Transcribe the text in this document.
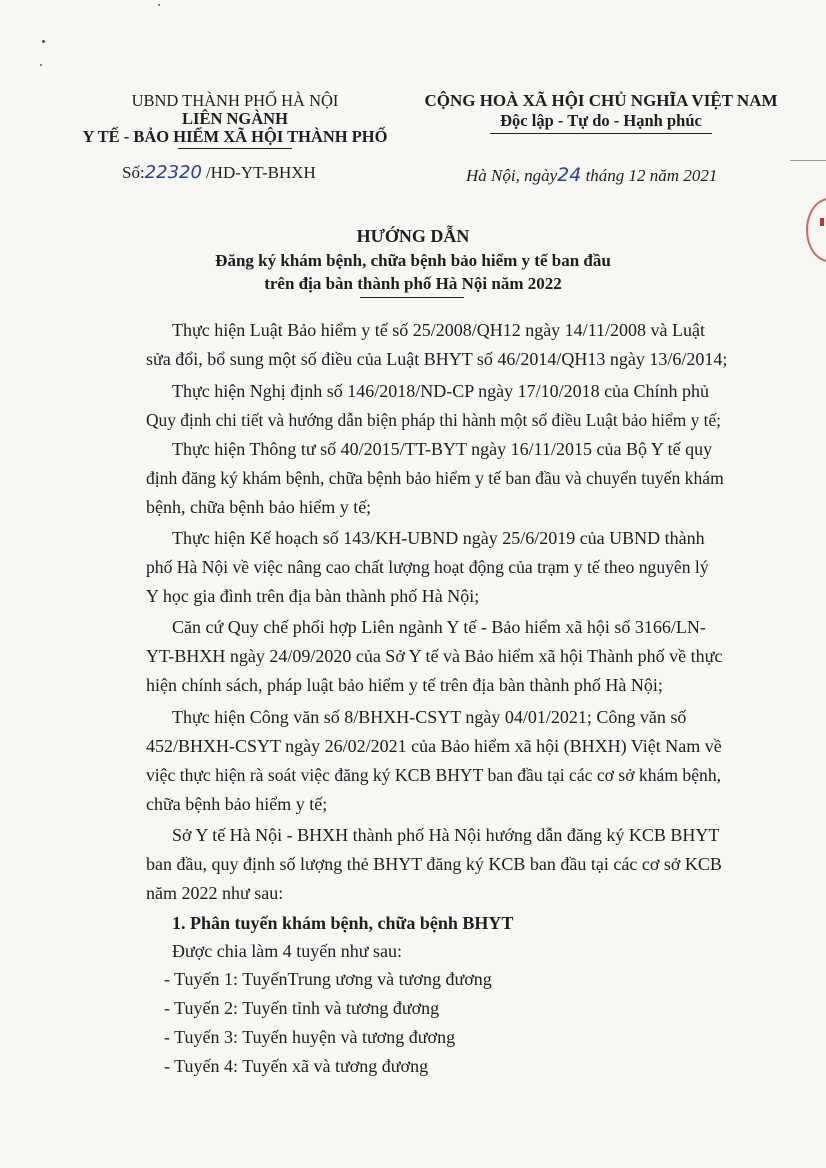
UBND THÀNH PHỐ HÀ NỘI
LIÊN NGÀNH
Y TẾ - BẢO HIỂM XÃ HỘI THÀNH PHỐ
Số:22320 /HD-YT-BHXH
CỘNG HOÀ XÃ HỘI CHỦ NGHĨA VIỆT NAM
Độc lập - Tự do - Hạnh phúc
Hà Nội, ngày24 tháng 12 năm 2021
HƯỚNG DẪN
Đăng ký khám bệnh, chữa bệnh bảo hiểm y tế ban đầu
trên địa bàn thành phố Hà Nội năm 2022
Thực hiện Luật Bảo hiểm y tế số 25/2008/QH12 ngày 14/11/2008 và Luật
sửa đổi, bổ sung một số điều của Luật BHYT số 46/2014/QH13 ngày 13/6/2014;
Thực hiện Nghị định số 146/2018/ND-CP ngày 17/10/2018 của Chính phủ
Quy định chi tiết và hướng dẫn biện pháp thi hành một số điều Luật bảo hiểm y tế;
Thực hiện Thông tư số 40/2015/TT-BYT ngày 16/11/2015 của Bộ Y tế quy
định đăng ký khám bệnh, chữa bệnh bảo hiểm y tế ban đầu và chuyển tuyến khám
bệnh, chữa bệnh bảo hiểm y tế;
Thực hiện Kế hoạch số 143/KH-UBND ngày 25/6/2019 của UBND thành
phố Hà Nội về việc nâng cao chất lượng hoạt động của trạm y tế theo nguyên lý
Y học gia đình trên địa bàn thành phố Hà Nội;
Căn cứ Quy chế phối hợp Liên ngành Y tế - Bảo hiểm xã hội số 3166/LN-
YT-BHXH ngày 24/09/2020 của Sở Y tế và Bảo hiểm xã hội Thành phố về thực
hiện chính sách, pháp luật bảo hiểm y tế trên địa bàn thành phố Hà Nội;
Thực hiện Công văn số 8/BHXH-CSYT ngày 04/01/2021; Công văn số
452/BHXH-CSYT ngày 26/02/2021 của Bảo hiểm xã hội (BHXH) Việt Nam về
việc thực hiện rà soát việc đăng ký KCB BHYT ban đầu tại các cơ sở khám bệnh,
chữa bệnh bảo hiểm y tế;
Sở Y tế Hà Nội - BHXH thành phố Hà Nội hướng dẫn đăng ký KCB BHYT
ban đầu, quy định số lượng thẻ BHYT đăng ký KCB ban đầu tại các cơ sở KCB
năm 2022 như sau:
1. Phân tuyến khám bệnh, chữa bệnh BHYT
Được chia làm 4 tuyến như sau:
- Tuyến 1: TuyếnTrung ương và tương đương
- Tuyến 2: Tuyến tỉnh và tương đương
- Tuyến 3: Tuyến huyện và tương đương
- Tuyến 4: Tuyến xã và tương đương
